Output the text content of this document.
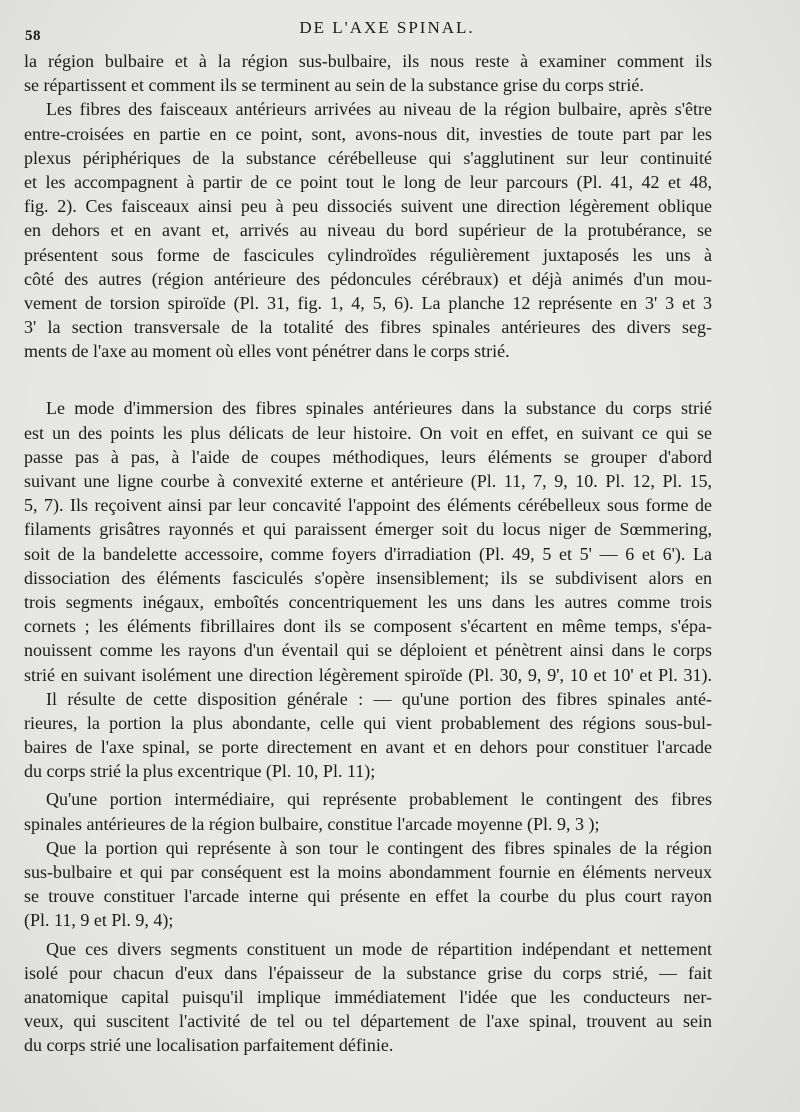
58	DE L'AXE SPINAL.
la région bulbaire et à la région sus-bulbaire, ils nous reste à examiner comment ils
se répartissent et comment ils se terminent au sein de la substance grise du corps strié.
Les fibres des faisceaux antérieurs arrivées au niveau de la région bulbaire, après s'être
entre-croisées en partie en ce point, sont, avons-nous dit, investies de toute part par les
plexus périphériques de la substance cérébelleuse qui s'agglutinent sur leur continuité
et les accompagnent à partir de ce point tout le long de leur parcours (Pl. 41, 42 et 48,
fig. 2). Ces faisceaux ainsi peu à peu dissociés suivent une direction légèrement oblique
en dehors et en avant et, arrivés au niveau du bord supérieur de la protubérance, se
présentent sous forme de fascicules cylindroïdes régulièrement juxtaposés les uns à
côté des autres (région antérieure des pédoncules cérébraux) et déjà animés d'un mou-
vement de torsion spiroïde (Pl. 31, fig. 1, 4, 5, 6). La planche 12 représente en 3' 3 et 3
3' la section transversale de la totalité des fibres spinales antérieures des divers seg-
ments de l'axe au moment où elles vont pénétrer dans le corps strié.
Le mode d'immersion des fibres spinales antérieures dans la substance du corps strié
est un des points les plus délicats de leur histoire. On voit en effet, en suivant ce qui se
passe pas à pas, à l'aide de coupes méthodiques, leurs éléments se grouper d'abord
suivant une ligne courbe à convexité externe et antérieure (Pl. 11, 7, 9, 10. Pl. 12, Pl. 15,
5, 7). Ils reçoivent ainsi par leur concavité l'appoint des éléments cérébelleux sous forme de
filaments grisâtres rayonnés et qui paraissent émerger soit du locus niger de Sœmmering,
soit de la bandelette accessoire, comme foyers d'irradiation (Pl. 49, 5 et 5' — 6 et 6'). La
dissociation des éléments fasciculés s'opère insensiblement; ils se subdivisent alors en
trois segments inégaux, emboîtés concentriquement les uns dans les autres comme trois
cornets ; les éléments fibrillaires dont ils se composent s'écartent en même temps, s'épa-
nouissent comme les rayons d'un éventail qui se déploient et pénètrent ainsi dans le corps
strié en suivant isolément une direction légèrement spiroïde (Pl. 30, 9, 9', 10 et 10' et Pl. 31).
Il résulte de cette disposition générale : — qu'une portion des fibres spinales anté-
rieures, la portion la plus abondante, celle qui vient probablement des régions sous-bul-
baires de l'axe spinal, se porte directement en avant et en dehors pour constituer l'arcade
du corps strié la plus excentrique (Pl. 10, Pl. 11);
Qu'une portion intermédiaire, qui représente probablement le contingent des fibres
spinales antérieures de la région bulbaire, constitue l'arcade moyenne (Pl. 9, 3 );
Que la portion qui représente à son tour le contingent des fibres spinales de la région
sus-bulbaire et qui par conséquent est la moins abondamment fournie en éléments nerveux
se trouve constituer l'arcade interne qui présente en effet la courbe du plus court rayon
(Pl. 11, 9 et Pl. 9, 4);
Que ces divers segments constituent un mode de répartition indépendant et nettement
isolé pour chacun d'eux dans l'épaisseur de la substance grise du corps strié, — fait
anatomique capital puisqu'il implique immédiatement l'idée que les conducteurs ner-
veux, qui suscitent l'activité de tel ou tel département de l'axe spinal, trouvent au sein
du corps strié une localisation parfaitement définie.
